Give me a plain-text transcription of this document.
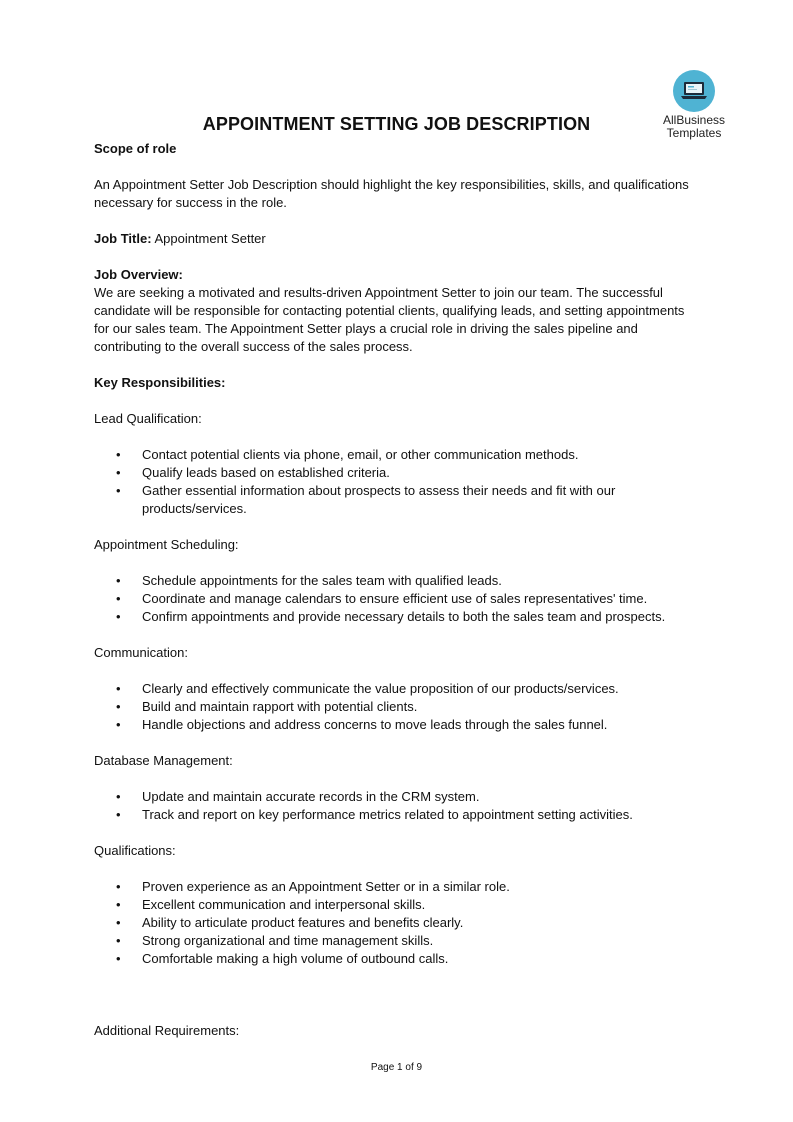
AllBusiness
Templates
APPOINTMENT SETTING JOB DESCRIPTION

Scope of role

An Appointment Setter Job Description should highlight the key responsibilities, skills, and qualifications necessary for success in the role.

Job Title: Appointment Setter

Job Overview:

We are seeking a motivated and results-driven Appointment Setter to join our team. The successful candidate will be responsible for contacting potential clients, qualifying leads, and setting appointments for our sales team. The Appointment Setter plays a crucial role in driving the sales pipeline and contributing to the overall success of the sales process.

Key Responsibilities:

Lead Qualification:

• Contact potential clients via phone, email, or other communication methods.
• Qualify leads based on established criteria.
• Gather essential information about prospects to assess their needs and fit with our products/services.

Appointment Scheduling:

• Schedule appointments for the sales team with qualified leads.
• Coordinate and manage calendars to ensure efficient use of sales representatives' time.
• Confirm appointments and provide necessary details to both the sales team and prospects.

Communication:

• Clearly and effectively communicate the value proposition of our products/services.
• Build and maintain rapport with potential clients.
• Handle objections and address concerns to move leads through the sales funnel.

Database Management:

• Update and maintain accurate records in the CRM system.
• Track and report on key performance metrics related to appointment setting activities.

Qualifications:

• Proven experience as an Appointment Setter or in a similar role.
• Excellent communication and interpersonal skills.
• Ability to articulate product features and benefits clearly.
• Strong organizational and time management skills.
• Comfortable making a high volume of outbound calls.

Additional Requirements:

Page 1 of 9
